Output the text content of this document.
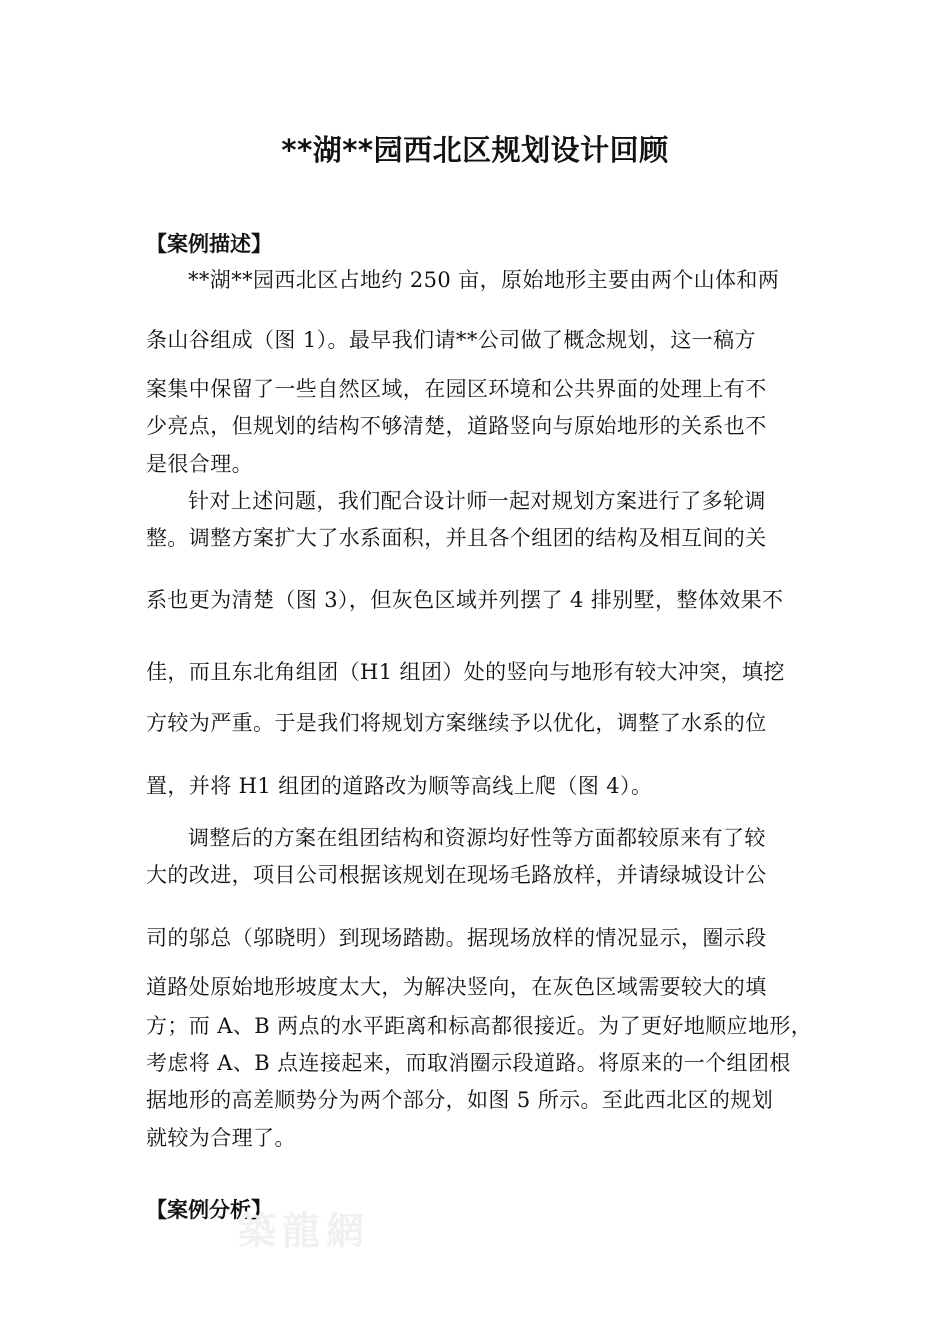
**湖**园西北区规划设计回顾
【案例描述】
**湖**园西北区占地约 250 亩，原始地形主要由两个山体和两
条山谷组成（图 1）。最早我们请**公司做了概念规划，这一稿方
案集中保留了一些自然区域，在园区环境和公共界面的处理上有不
少亮点，但规划的结构不够清楚，道路竖向与原始地形的关系也不
是很合理。
针对上述问题，我们配合设计师一起对规划方案进行了多轮调
整。调整方案扩大了水系面积，并且各个组团的结构及相互间的关
系也更为清楚（图 3），但灰色区域并列摆了 4 排别墅，整体效果不
佳，而且东北角组团（H1 组团）处的竖向与地形有较大冲突，填挖
方较为严重。于是我们将规划方案继续予以优化，调整了水系的位
置，并将 H1 组团的道路改为顺等高线上爬（图 4）。
调整后的方案在组团结构和资源均好性等方面都较原来有了较
大的改进，项目公司根据该规划在现场毛路放样，并请绿城设计公
司的邬总（邬晓明）到现场踏勘。据现场放样的情况显示，圈示段
道路处原始地形坡度太大，为解决竖向，在灰色区域需要较大的填
方；而 A、B 两点的水平距离和标高都很接近。为了更好地顺应地形，
考虑将 A、B 点连接起来，而取消圈示段道路。将原来的一个组团根
据地形的高差顺势分为两个部分，如图 5 所示。至此西北区的规划
就较为合理了。
【案例分析】
築龍網
